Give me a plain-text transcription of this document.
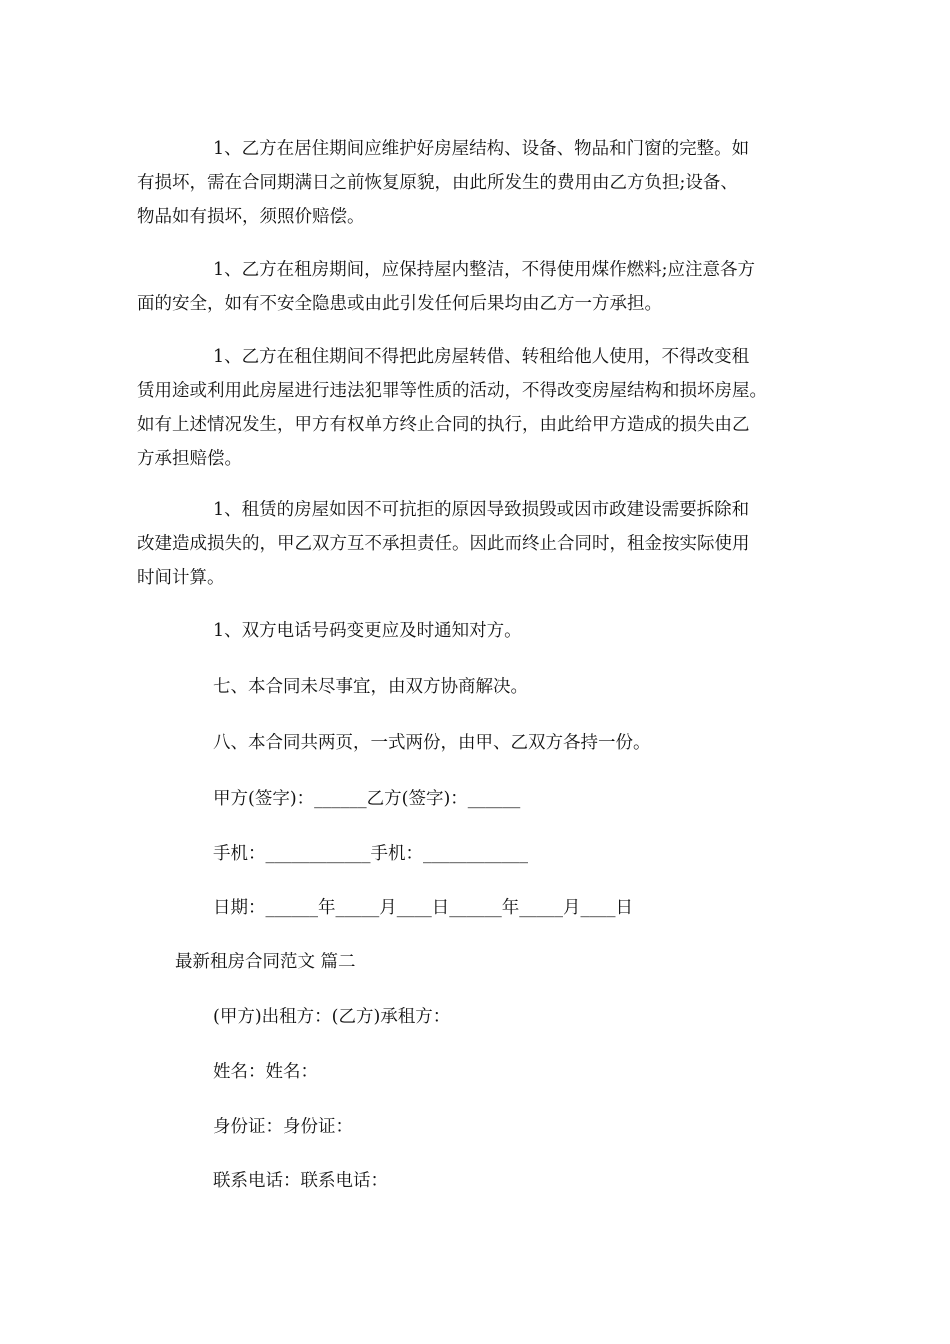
1、乙方在居住期间应维护好房屋结构、设备、物品和门窗的完整。如
有损坏，需在合同期满日之前恢复原貌，由此所发生的费用由乙方负担;设备、
物品如有损坏，须照价赔偿。
1、乙方在租房期间，应保持屋内整洁，不得使用煤作燃料;应注意各方
面的安全，如有不安全隐患或由此引发任何后果均由乙方一方承担。
1、乙方在租住期间不得把此房屋转借、转租给他人使用，不得改变租
赁用途或利用此房屋进行违法犯罪等性质的活动，不得改变房屋结构和损坏房屋。
如有上述情况发生，甲方有权单方终止合同的执行，由此给甲方造成的损失由乙
方承担赔偿。
1、租赁的房屋如因不可抗拒的原因导致损毁或因市政建设需要拆除和
改建造成损失的，甲乙双方互不承担责任。因此而终止合同时，租金按实际使用
时间计算。

1、双方电话号码变更应及时通知对方。

七、本合同未尽事宜，由双方协商解决。

八、本合同共两页，一式两份，由甲、乙双方各持一份。

甲方(签字)：______乙方(签字)：______

手机：____________手机：____________

日期：______年_____月____日______年_____月____日

最新租房合同范文 篇二

(甲方)出租方：(乙方)承租方：

姓名：姓名：

身份证：身份证：

联系电话：联系电话：
